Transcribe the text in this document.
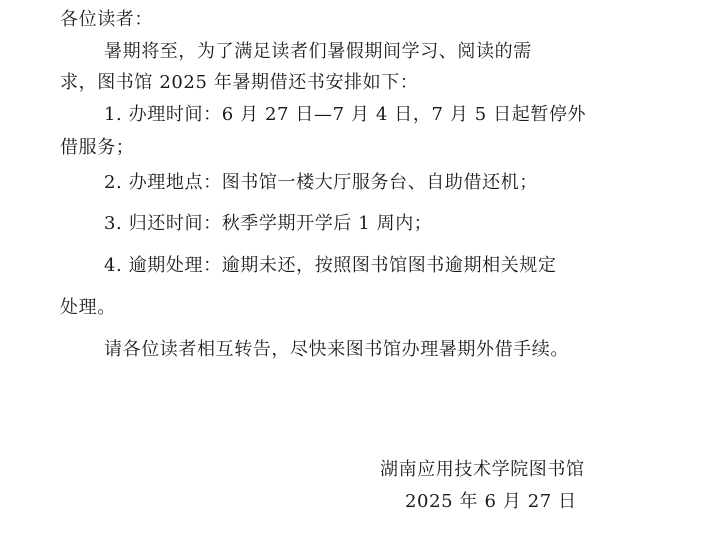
各位读者：
暑期将至，为了满足读者们暑假期间学习、阅读的需
求，图书馆 2025 年暑期借还书安排如下：
1. 办理时间：6 月 27 日—7 月 4 日，7 月 5 日起暂停外
借服务；
2. 办理地点：图书馆一楼大厅服务台、自助借还机；
3. 归还时间：秋季学期开学后 1 周内；
4. 逾期处理：逾期未还，按照图书馆图书逾期相关规定
处理。
请各位读者相互转告，尽快来图书馆办理暑期外借手续。
湖南应用技术学院图书馆
2025 年 6 月 27 日
